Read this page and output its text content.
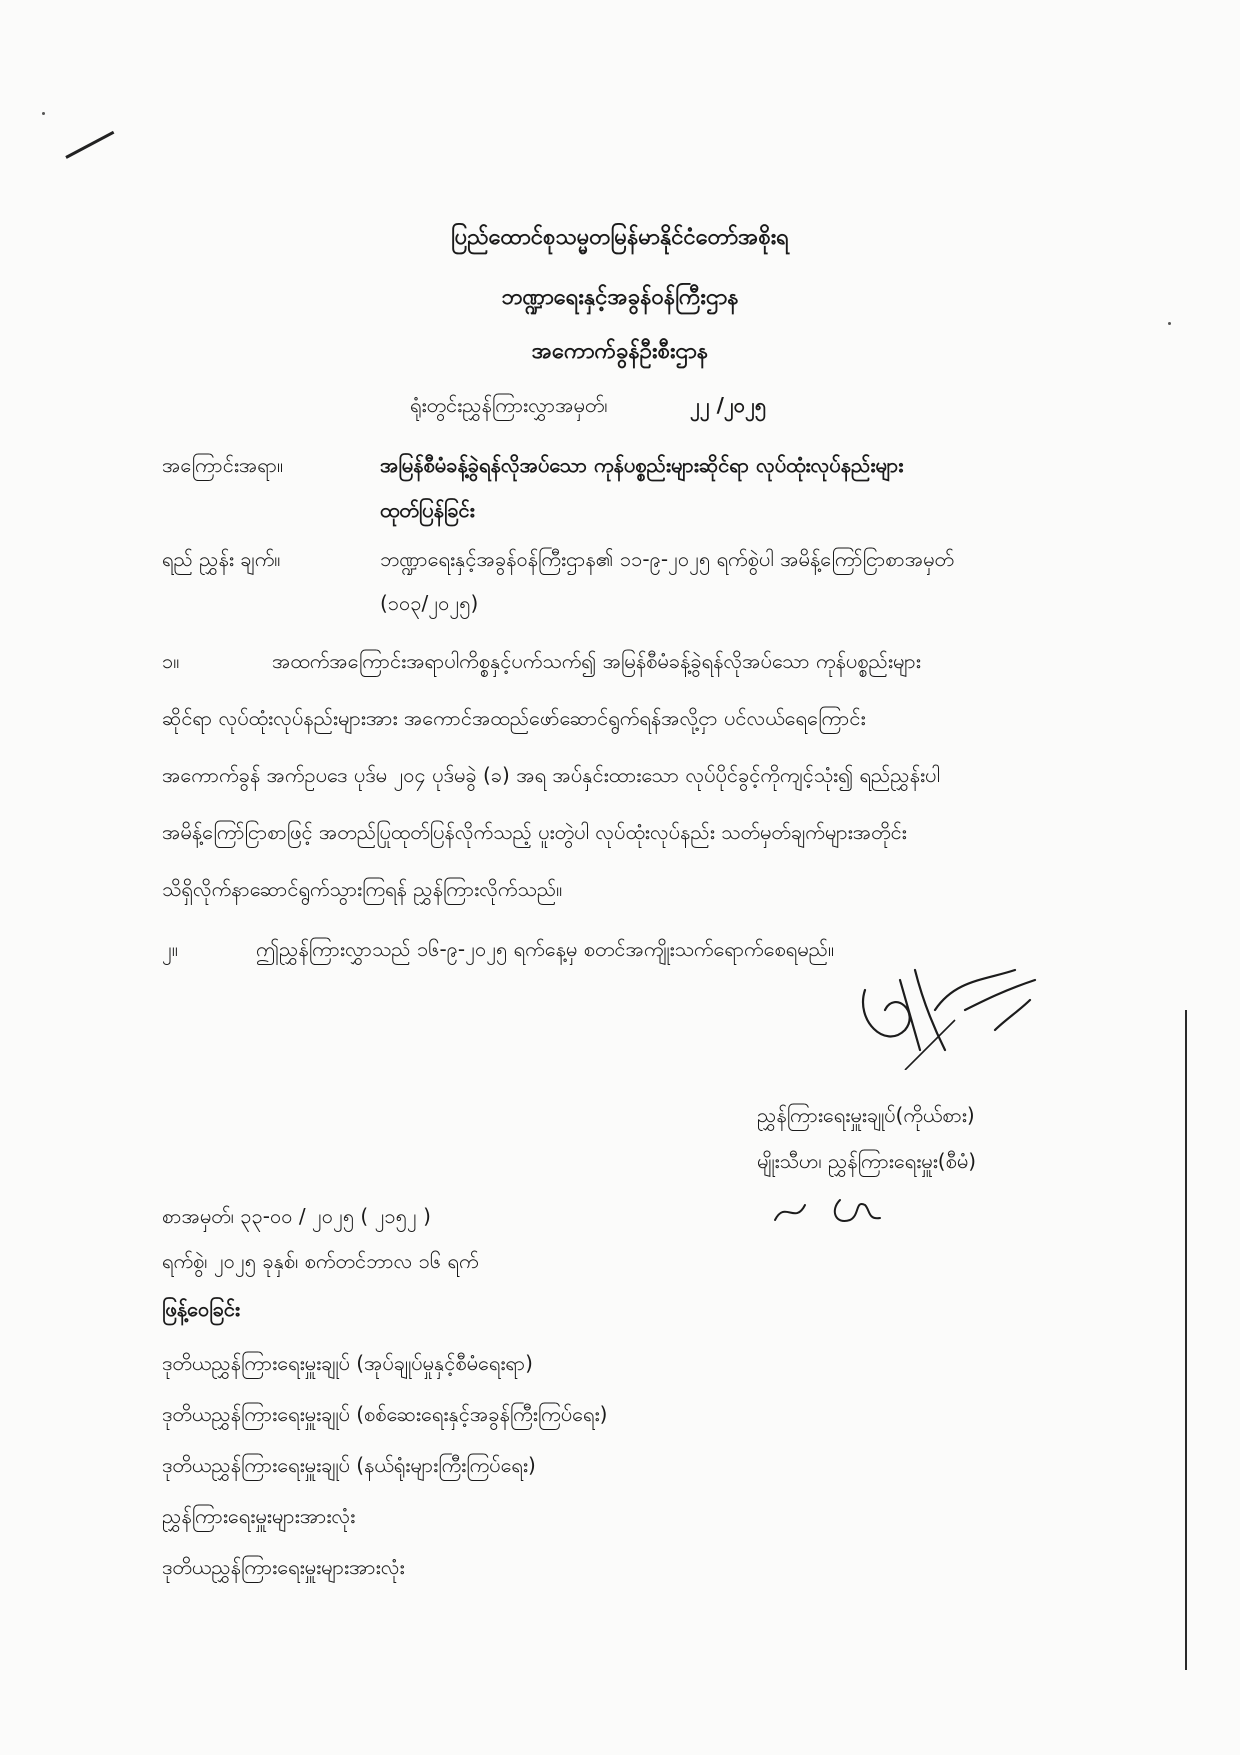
ပြည်ထောင်စုသမ္မတမြန်မာနိုင်ငံတော်အစိုးရ
ဘဏ္ဍာရေးနှင့်အခွန်ဝန်ကြီးဌာန
အကောက်ခွန်ဦးစီးဌာန
ရုံးတွင်းညွှန်ကြားလွှာအမှတ်၊	၂၂ /၂၀၂၅
အကြောင်းအရာ။	အမြန်စီမံခန့်ခွဲရန်လိုအပ်သော ကုန်ပစ္စည်းများဆိုင်ရာ လုပ်ထုံးလုပ်နည်းများ
ထုတ်ပြန်ခြင်း
ရည် ညွှန်း ချက်။	ဘဏ္ဍာရေးနှင့်အခွန်ဝန်ကြီးဌာန၏ ၁၁-၉-၂၀၂၅ ရက်စွဲပါ အမိန့်ကြော်ငြာစာအမှတ်
(၁၀၃/၂၀၂၅)
၁။	အထက်အကြောင်းအရာပါကိစ္စနှင့်ပက်သက်၍ အမြန်စီမံခန့်ခွဲရန်လိုအပ်သော ကုန်ပစ္စည်းများ
ဆိုင်ရာ လုပ်ထုံးလုပ်နည်းများအား အကောင်အထည်ဖော်ဆောင်ရွက်ရန်အလို့ငှာ ပင်လယ်ရေကြောင်း
အကောက်ခွန် အက်ဥပဒေ ပုဒ်မ ၂၀၄ ပုဒ်မခွဲ (ခ) အရ အပ်နှင်းထားသော လုပ်ပိုင်ခွင့်ကိုကျင့်သုံး၍ ရည်ညွှန်းပါ
အမိန့်ကြော်ငြာစာဖြင့် အတည်ပြုထုတ်ပြန်လိုက်သည့် ပူးတွဲပါ လုပ်ထုံးလုပ်နည်း သတ်မှတ်ချက်များအတိုင်း
သိရှိလိုက်နာဆောင်ရွက်သွားကြရန် ညွှန်ကြားလိုက်သည်။
၂။	ဤညွှန်ကြားလွှာသည် ၁၆-၉-၂၀၂၅ ရက်နေ့မှ စတင်အကျိုးသက်ရောက်စေရမည်။
ညွှန်ကြားရေးမှူးချုပ်(ကိုယ်စား)
မျိုးသီဟ၊ ညွှန်ကြားရေးမှူး(စီမံ)
စာအမှတ်၊ ၃၃-၀၀ / ၂၀၂၅ ( ၂၁၅၂ )
ရက်စွဲ၊ ၂၀၂၅ ခုနှစ်၊ စက်တင်ဘာလ ၁၆ ရက်
ဖြန့်ဝေခြင်း
ဒုတိယညွှန်ကြားရေးမှူးချုပ် (အုပ်ချုပ်မှုနှင့်စီမံရေးရာ)
ဒုတိယညွှန်ကြားရေးမှူးချုပ် (စစ်ဆေးရေးနှင့်အခွန်ကြီးကြပ်ရေး)
ဒုတိယညွှန်ကြားရေးမှူးချုပ် (နယ်ရုံးများကြီးကြပ်ရေး)
ညွှန်ကြားရေးမှူးများအားလုံး
ဒုတိယညွှန်ကြားရေးမှူးများအားလုံး
